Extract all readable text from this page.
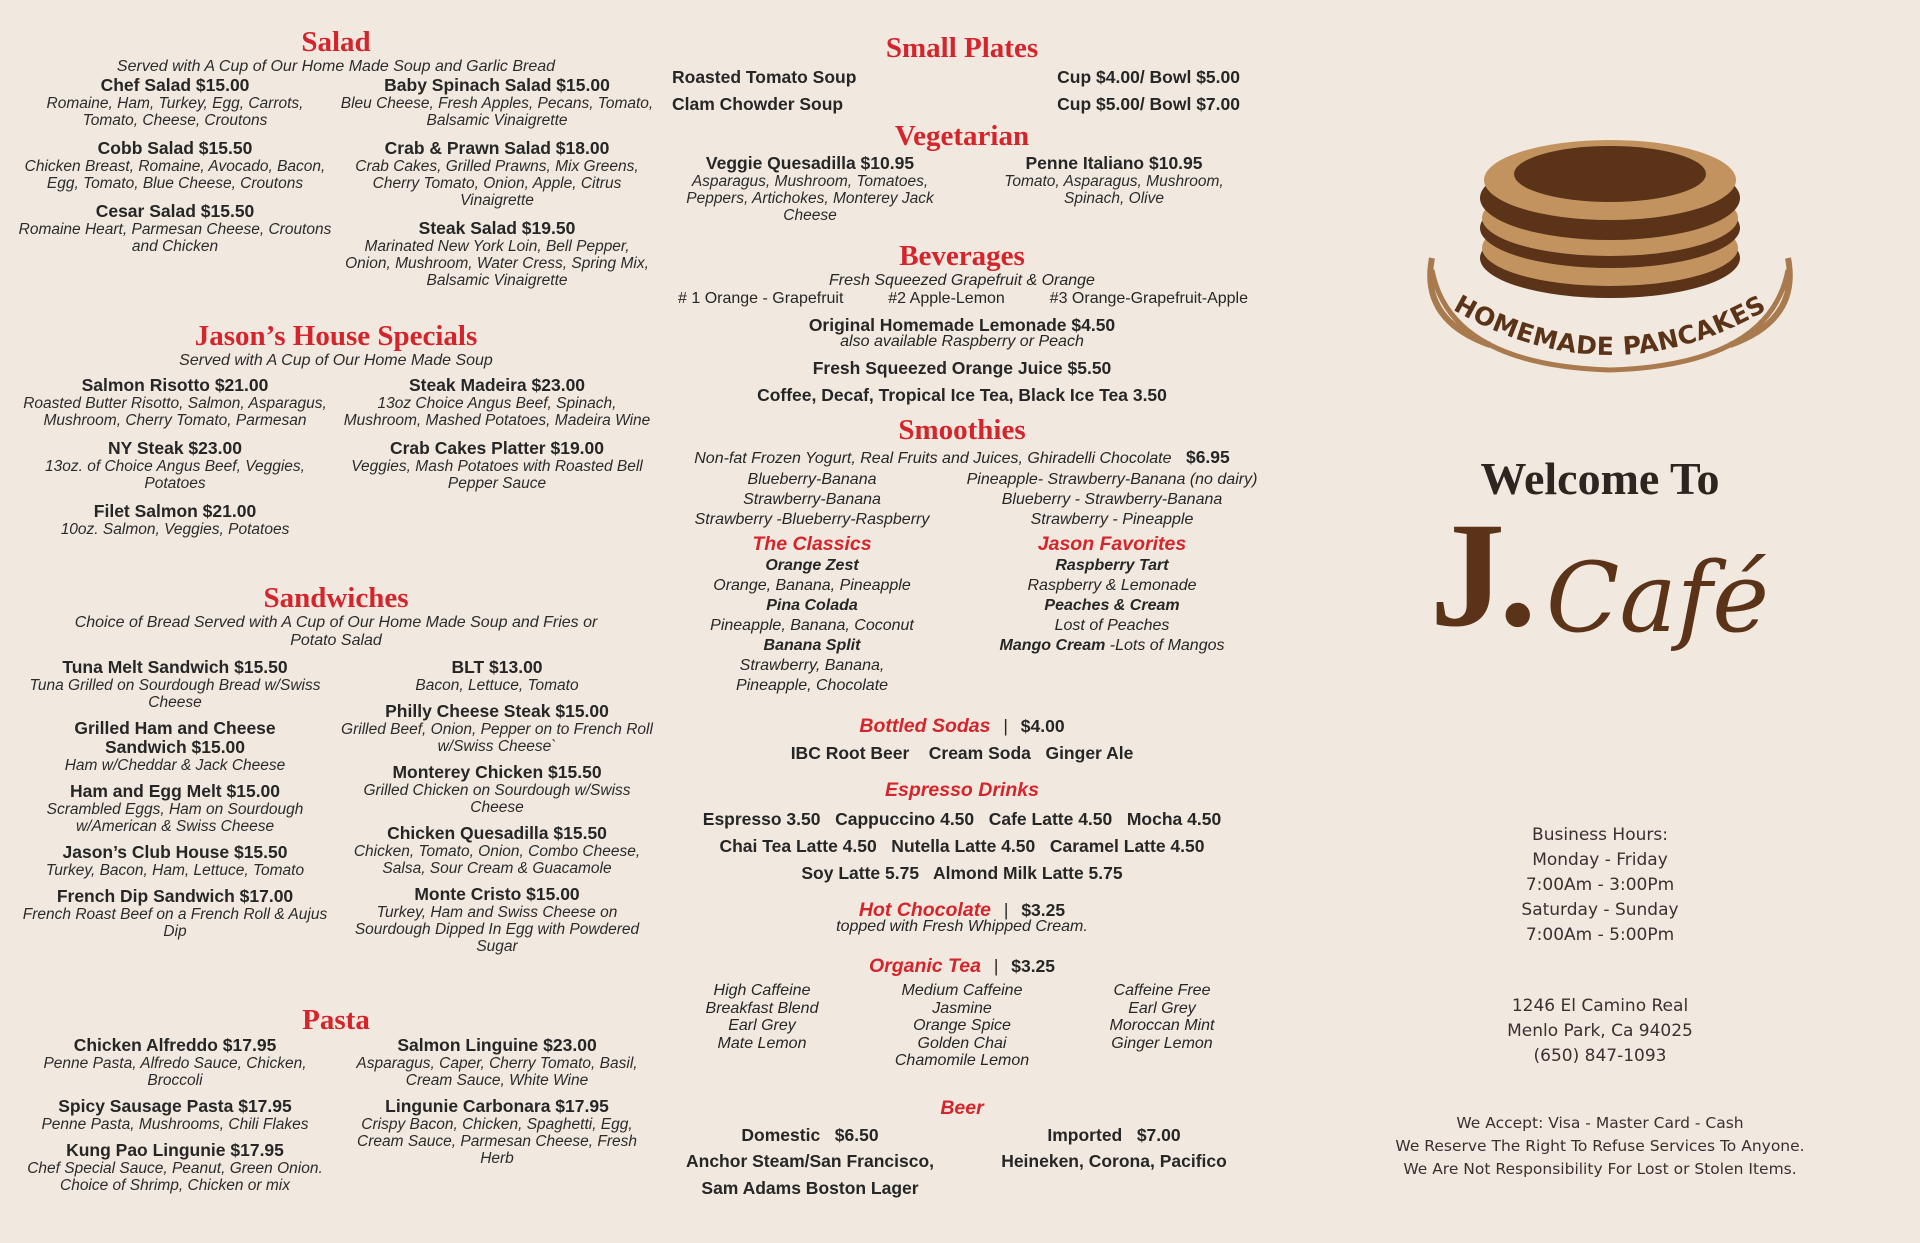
Salad
Served with A Cup of Our Home Made Soup and Garlic Bread
Chef Salad $15.00
Romaine, Ham, Turkey, Egg, Carrots, Tomato, Cheese, Croutons
Cobb Salad $15.50
Chicken Breast, Romaine, Avocado, Bacon, Egg, Tomato, Blue Cheese, Croutons
Cesar Salad $15.50
Romaine Heart, Parmesan Cheese, Croutons and Chicken
Baby Spinach Salad $15.00
Bleu Cheese, Fresh Apples, Pecans, Tomato, Balsamic Vinaigrette
Crab & Prawn Salad $18.00
Crab Cakes, Grilled Prawns, Mix Greens, Cherry Tomato, Onion, Apple, Citrus Vinaigrette
Steak Salad $19.50
Marinated New York Loin, Bell Pepper, Onion, Mushroom, Water Cress, Spring Mix, Balsamic Vinaigrette
Jason’s House Specials
Served with A Cup of Our Home Made Soup
Salmon Risotto $21.00
Roasted Butter Risotto, Salmon, Asparagus, Mushroom, Cherry Tomato, Parmesan
NY Steak $23.00
13oz. of Choice Angus Beef, Veggies, Potatoes
Filet Salmon $21.00
10oz. Salmon, Veggies, Potatoes
Steak Madeira $23.00
13oz Choice Angus Beef, Spinach, Mushroom, Mashed Potatoes, Madeira Wine
Crab Cakes Platter $19.00
Veggies, Mash Potatoes with Roasted Bell Pepper Sauce
Sandwiches
Choice of Bread Served with A Cup of Our Home Made Soup and Fries or Potato Salad
Tuna Melt Sandwich $15.50
Tuna Grilled on Sourdough Bread w/Swiss Cheese
Grilled Ham and Cheese Sandwich $15.00
Ham w/Cheddar & Jack Cheese
Ham and Egg Melt $15.00
Scrambled Eggs, Ham on Sourdough w/American & Swiss Cheese
Jason’s Club House $15.50
Turkey, Bacon, Ham, Lettuce, Tomato
French Dip Sandwich $17.00
French Roast Beef on a French Roll & Aujus Dip
BLT $13.00
Bacon, Lettuce, Tomato
Philly Cheese Steak $15.00
Grilled Beef, Onion, Pepper on to French Roll w/Swiss Cheese`
Monterey Chicken $15.50
Grilled Chicken on Sourdough w/Swiss Cheese
Chicken Quesadilla $15.50
Chicken, Tomato, Onion, Combo Cheese, Salsa, Sour Cream & Guacamole
Monte Cristo $15.00
Turkey, Ham and Swiss Cheese on Sourdough Dipped In Egg with Powdered Sugar
Pasta
Chicken Alfreddo $17.95
Penne Pasta, Alfredo Sauce, Chicken, Broccoli
Spicy Sausage Pasta $17.95
Penne Pasta, Mushrooms, Chili Flakes
Kung Pao Lingunie $17.95
Chef Special Sauce, Peanut, Green Onion. Choice of Shrimp, Chicken or mix
Salmon Linguine $23.00
Asparagus, Caper, Cherry Tomato, Basil, Cream Sauce, White Wine
Lingunie Carbonara $17.95
Crispy Bacon, Chicken, Spaghetti, Egg, Cream Sauce, Parmesan Cheese, Fresh Herb
Small Plates
Roasted Tomato Soup	Cup $4.00/ Bowl $5.00
Clam Chowder Soup	Cup $5.00/ Bowl $7.00
Vegetarian
Veggie Quesadilla $10.95
Asparagus, Mushroom, Tomatoes, Peppers, Artichokes, Monterey Jack Cheese
Penne Italiano $10.95
Tomato, Asparagus, Mushroom, Spinach, Olive
Beverages
Fresh Squeezed Grapefruit & Orange
# 1 Orange - Grapefruit	#2 Apple-Lemon	#3 Orange-Grapefruit-Apple
Original Homemade Lemonade $4.50
also available Raspberry or Peach
Fresh Squeezed Orange Juice $5.50
Coffee, Decaf, Tropical Ice Tea, Black Ice Tea 3.50
Smoothies
Non-fat Frozen Yogurt, Real Fruits and Juices, Ghiradelli Chocolate $6.95
Blueberry-Banana	Pineapple- Strawberry-Banana (no dairy)
Strawberry-Banana	Blueberry - Strawberry-Banana
Strawberry -Blueberry-Raspberry	Strawberry - Pineapple
The Classics
Orange Zest
Orange, Banana, Pineapple
Pina Colada
Pineapple, Banana, Coconut
Banana Split
Strawberry, Banana, Pineapple, Chocolate
Jason Favorites
Raspberry Tart
Raspberry & Lemonade
Peaches & Cream
Lost of Peaches
Mango Cream -Lots of Mangos
Bottled Sodas | $4.00
IBC Root Beer    Cream Soda   Ginger Ale
Espresso Drinks
Espresso 3.50   Cappuccino 4.50   Cafe Latte 4.50   Mocha 4.50
Chai Tea Latte 4.50   Nutella Latte 4.50   Caramel Latte 4.50
Soy Latte 5.75   Almond Milk Latte 5.75
Hot Chocolate | $3.25
topped with Fresh Whipped Cream.
Organic Tea | $3.25
High Caffeine
Breakfast Blend
Earl Grey
Mate Lemon
Medium Caffeine
Jasmine
Orange Spice
Golden Chai
Chamomile Lemon
Caffeine Free
Earl Grey
Moroccan Mint
Ginger Lemon
Beer
Domestic   $6.50
Anchor Steam/San Francisco,
Sam Adams Boston Lager
Imported   $7.00
Heineken, Corona, Pacifico
HOMEMADE PANCAKES
Welcome To
J. Café
Business Hours:
Monday - Friday
7:00Am - 3:00Pm
Saturday - Sunday
7:00Am - 5:00Pm
1246 El Camino Real
Menlo Park, Ca 94025
(650) 847-1093
We Accept: Visa - Master Card - Cash
We Reserve The Right To Refuse Services To Anyone.
We Are Not Responsibility For Lost or Stolen Items.
